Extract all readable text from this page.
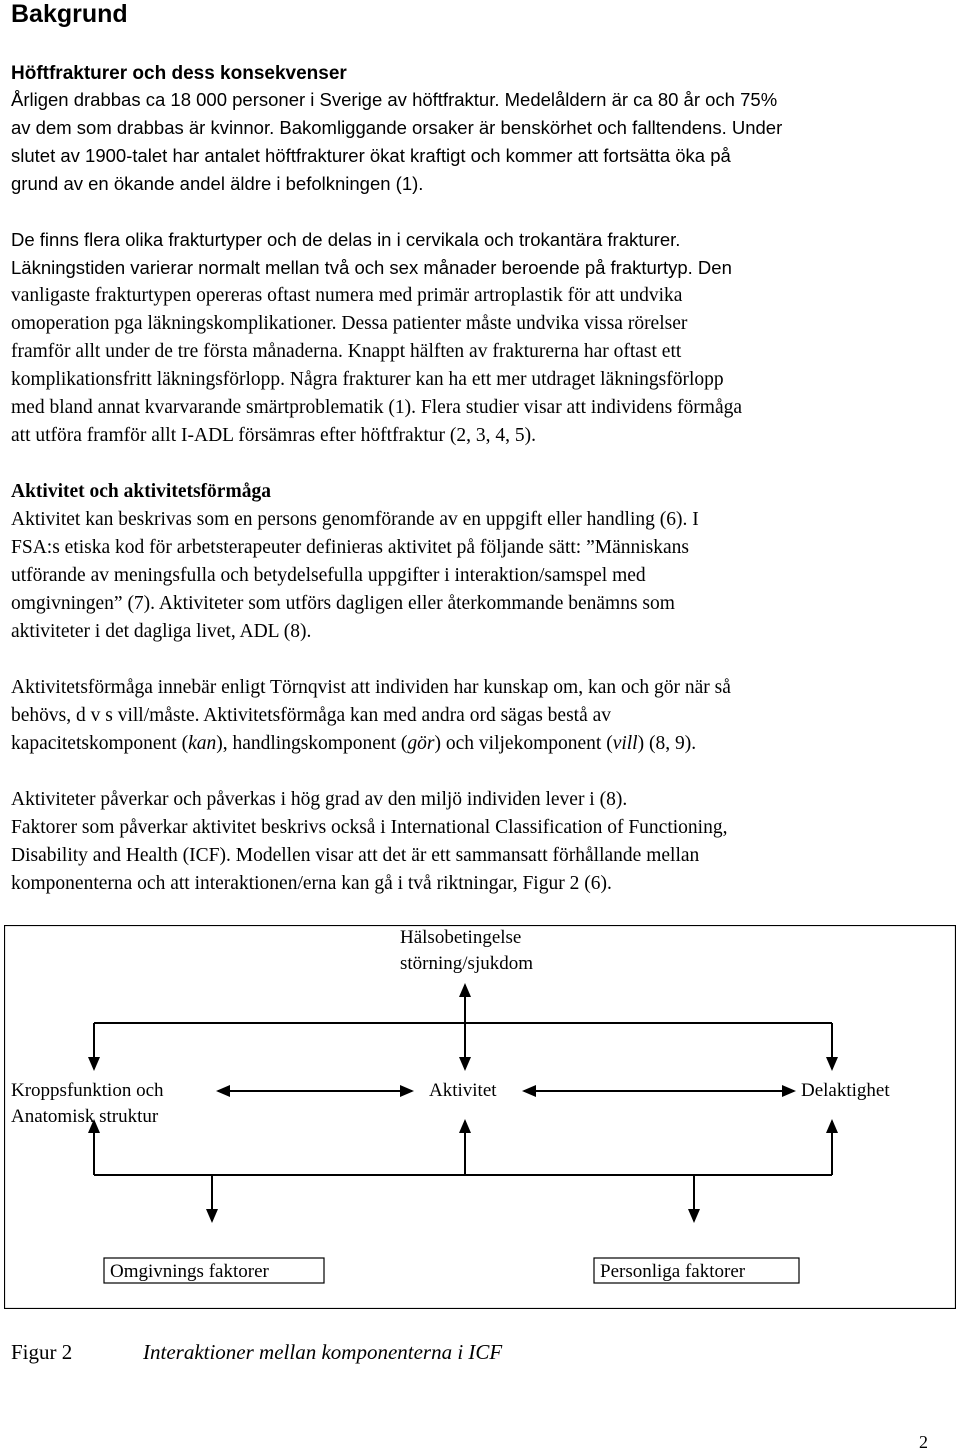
Bakgrund
Höftfrakturer och dess konsekvenser
Årligen drabbas ca 18 000 personer i Sverige av höftfraktur. Medelåldern är ca 80 år och 75%
av dem som drabbas är kvinnor. Bakomliggande orsaker är benskörhet och falltendens. Under
slutet av 1900-talet har antalet höftfrakturer ökat kraftigt och kommer att fortsätta öka på
grund av en ökande andel äldre i befolkningen (1).
De finns flera olika frakturtyper och de delas in i cervikala och trokantära frakturer.
Läkningstiden varierar normalt mellan två och sex månader beroende på frakturtyp. Den
vanligaste frakturtypen opereras oftast numera med primär artroplastik för att undvika
omoperation pga läkningskomplikationer. Dessa patienter måste undvika vissa rörelser
framför allt under de tre första månaderna. Knappt hälften av frakturerna har oftast ett
komplikationsfritt läkningsförlopp. Några frakturer kan ha ett mer utdraget läkningsförlopp
med bland annat kvarvarande smärtproblematik (1). Flera studier visar att individens förmåga
att utföra framför allt I-ADL försämras efter höftfraktur (2, 3, 4, 5).
Aktivitet och aktivitetsförmåga
Aktivitet kan beskrivas som en persons genomförande av en uppgift eller handling (6). I
FSA:s etiska kod för arbetsterapeuter definieras aktivitet på följande sätt: ”Människans
utförande av meningsfulla och betydelsefulla uppgifter i interaktion/samspel med
omgivningen” (7). Aktiviteter som utförs dagligen eller återkommande benämns som
aktiviteter i det dagliga livet, ADL (8).
Aktivitetsförmåga innebär enligt Törnqvist att individen har kunskap om, kan och gör när så
behövs, d v s vill/måste. Aktivitetsförmåga kan med andra ord sägas bestå av
kapacitetskomponent (kan), handlingskomponent (gör) och viljekomponent (vill) (8, 9).
Aktiviteter påverkar och påverkas i hög grad av den miljö individen lever i (8).
Faktorer som påverkar aktivitet beskrivs också i International Classification of Functioning,
Disability and Health (ICF). Modellen visar att det är ett sammansatt förhållande mellan
komponenterna och att interaktionen/erna kan gå i två riktningar, Figur 2 (6).
Hälsobetingelse
störning/sjukdom
Kroppsfunktion och
Anatomisk struktur
Aktivitet	Delaktighet
Omgivnings faktorer	Personliga faktorer
Figur 2	Interaktioner mellan komponenterna i ICF
2
